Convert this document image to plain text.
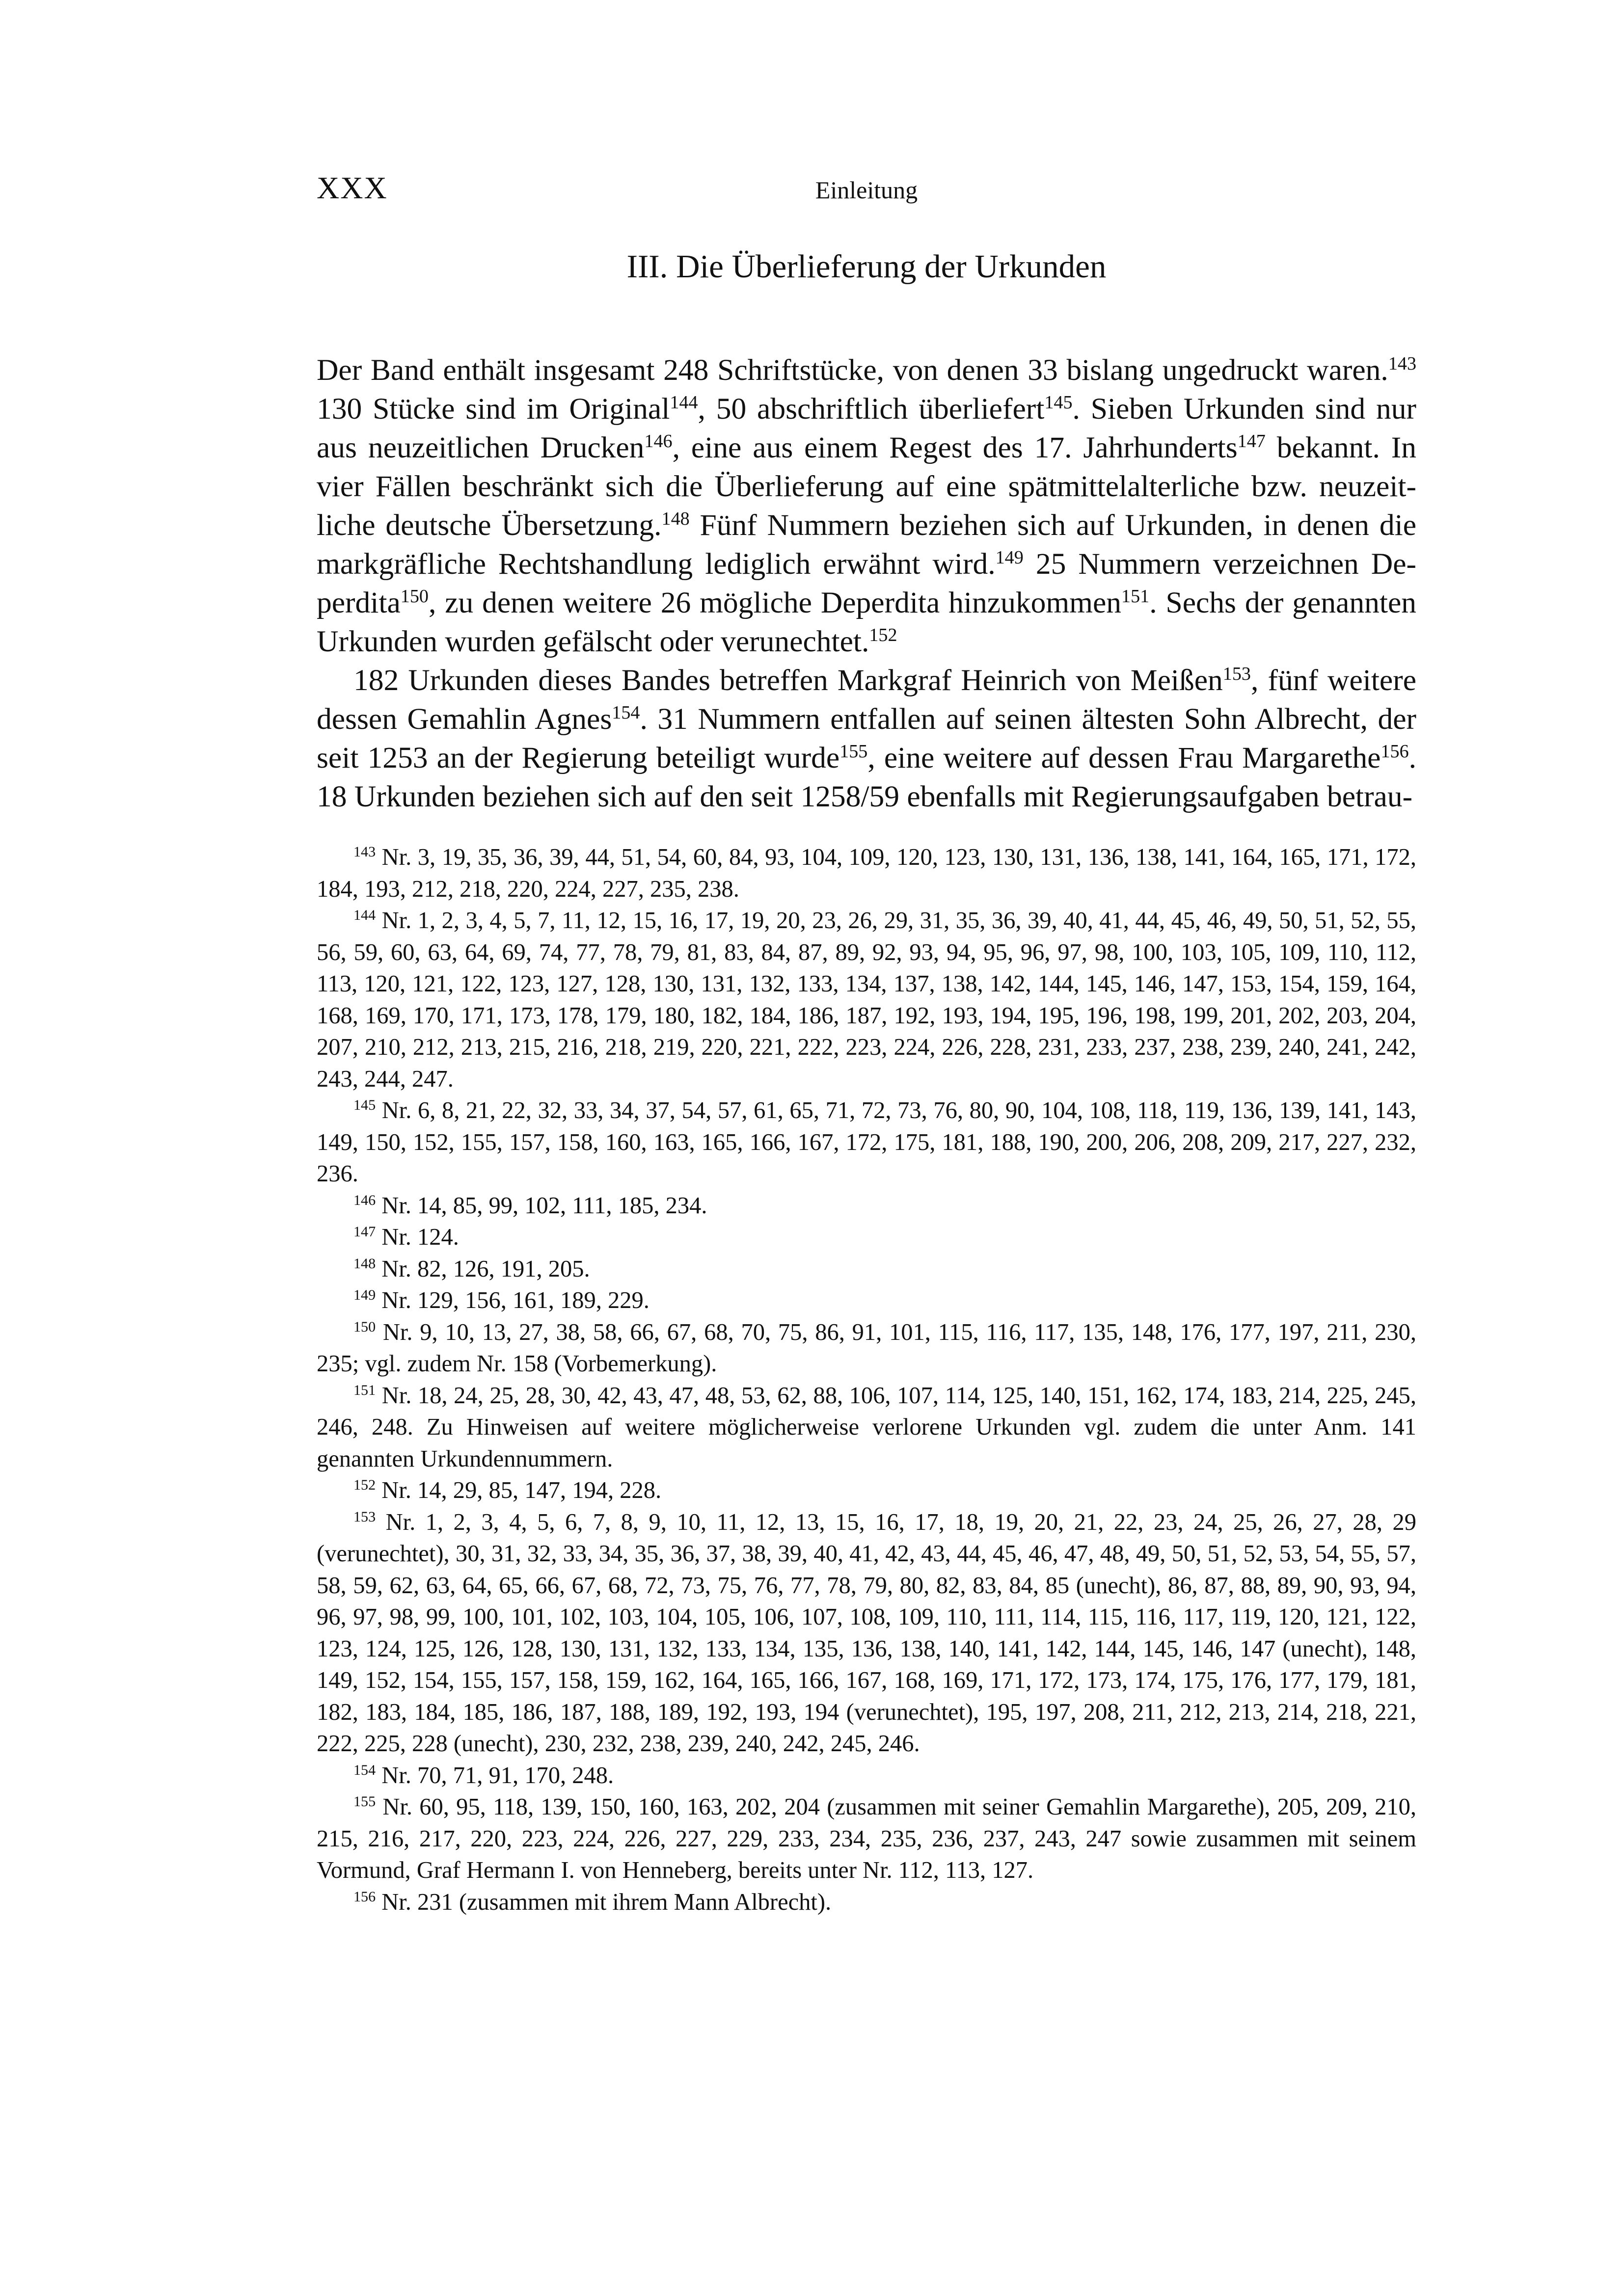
XXX	Einleitung
III. Die Überlieferung der Urkunden

Der Band enthält insgesamt 248 Schriftstücke, von denen 33 bislang ungedruckt waren.$^{143}$ 130 Stücke sind im Original$^{144}$, 50 abschriftlich überliefert$^{145}$. Sieben Urkunden sind nur aus neuzeitlichen Drucken$^{146}$, eine aus einem Regest des 17. Jahrhunderts$^{147}$ bekannt. In vier Fällen beschränkt sich die Überlieferung auf eine spätmittelalterliche bzw. neuzeitliche deutsche Übersetzung.$^{148}$ Fünf Nummern beziehen sich auf Urkunden, in denen die markgräfliche Rechtshandlung lediglich erwähnt wird.$^{149}$ 25 Nummern verzeichnen Deperdita$^{150}$, zu denen weitere 26 mögliche Deperdita hinzukommen$^{151}$. Sechs der genannten Urkunden wurden gefälscht oder verunechtet.$^{152}$

182 Urkunden dieses Bandes betreffen Markgraf Heinrich von Meißen$^{153}$, fünf weitere dessen Gemahlin Agnes$^{154}$. 31 Nummern entfallen auf seinen ältesten Sohn Albrecht, der seit 1253 an der Regierung beteiligt wurde$^{155}$, eine weitere auf dessen Frau Margarethe$^{156}$. 18 Urkunden beziehen sich auf den seit 1258/59 ebenfalls mit Regierungsaufgaben betrau-

$^{143}$ Nr. 3, 19, 35, 36, 39, 44, 51, 54, 60, 84, 93, 104, 109, 120, 123, 130, 131, 136, 138, 141, 164, 165, 171, 172, 184, 193, 212, 218, 220, 224, 227, 235, 238.

$^{144}$ Nr. 1, 2, 3, 4, 5, 7, 11, 12, 15, 16, 17, 19, 20, 23, 26, 29, 31, 35, 36, 39, 40, 41, 44, 45, 46, 49, 50, 51, 52, 55, 56, 59, 60, 63, 64, 69, 74, 77, 78, 79, 81, 83, 84, 87, 89, 92, 93, 94, 95, 96, 97, 98, 100, 103, 105, 109, 110, 112, 113, 120, 121, 122, 123, 127, 128, 130, 131, 132, 133, 134, 137, 138, 142, 144, 145, 146, 147, 153, 154, 159, 164, 168, 169, 170, 171, 173, 178, 179, 180, 182, 184, 186, 187, 192, 193, 194, 195, 196, 198, 199, 201, 202, 203, 204, 207, 210, 212, 213, 215, 216, 218, 219, 220, 221, 222, 223, 224, 226, 228, 231, 233, 237, 238, 239, 240, 241, 242, 243, 244, 247.

$^{145}$ Nr. 6, 8, 21, 22, 32, 33, 34, 37, 54, 57, 61, 65, 71, 72, 73, 76, 80, 90, 104, 108, 118, 119, 136, 139, 141, 143, 149, 150, 152, 155, 157, 158, 160, 163, 165, 166, 167, 172, 175, 181, 188, 190, 200, 206, 208, 209, 217, 227, 232, 236.

$^{146}$ Nr. 14, 85, 99, 102, 111, 185, 234.

$^{147}$ Nr. 124.

$^{148}$ Nr. 82, 126, 191, 205.

$^{149}$ Nr. 129, 156, 161, 189, 229.

$^{150}$ Nr. 9, 10, 13, 27, 38, 58, 66, 67, 68, 70, 75, 86, 91, 101, 115, 116, 117, 135, 148, 176, 177, 197, 211, 230, 235; vgl. zudem Nr. 158 (Vorbemerkung).

$^{151}$ Nr. 18, 24, 25, 28, 30, 42, 43, 47, 48, 53, 62, 88, 106, 107, 114, 125, 140, 151, 162, 174, 183, 214, 225, 245, 246, 248. Zu Hinweisen auf weitere möglicherweise verlorene Urkunden vgl. zudem die unter Anm. 141 genannten Urkundennummern.

$^{152}$ Nr. 14, 29, 85, 147, 194, 228.

$^{153}$ Nr. 1, 2, 3, 4, 5, 6, 7, 8, 9, 10, 11, 12, 13, 15, 16, 17, 18, 19, 20, 21, 22, 23, 24, 25, 26, 27, 28, 29 (verunechtet), 30, 31, 32, 33, 34, 35, 36, 37, 38, 39, 40, 41, 42, 43, 44, 45, 46, 47, 48, 49, 50, 51, 52, 53, 54, 55, 57, 58, 59, 62, 63, 64, 65, 66, 67, 68, 72, 73, 75, 76, 77, 78, 79, 80, 82, 83, 84, 85 (unecht), 86, 87, 88, 89, 90, 93, 94, 96, 97, 98, 99, 100, 101, 102, 103, 104, 105, 106, 107, 108, 109, 110, 111, 114, 115, 116, 117, 119, 120, 121, 122, 123, 124, 125, 126, 128, 130, 131, 132, 133, 134, 135, 136, 138, 140, 141, 142, 144, 145, 146, 147 (unecht), 148, 149, 152, 154, 155, 157, 158, 159, 162, 164, 165, 166, 167, 168, 169, 171, 172, 173, 174, 175, 176, 177, 179, 181, 182, 183, 184, 185, 186, 187, 188, 189, 192, 193, 194 (verunechtet), 195, 197, 208, 211, 212, 213, 214, 218, 221, 222, 225, 228 (unecht), 230, 232, 238, 239, 240, 242, 245, 246.

$^{154}$ Nr. 70, 71, 91, 170, 248.

$^{155}$ Nr. 60, 95, 118, 139, 150, 160, 163, 202, 204 (zusammen mit seiner Gemahlin Margarethe), 205, 209, 210, 215, 216, 217, 220, 223, 224, 226, 227, 229, 233, 234, 235, 236, 237, 243, 247 sowie zusammen mit seinem Vormund, Graf Hermann I. von Henneberg, bereits unter Nr. 112, 113, 127.

$^{156}$ Nr. 231 (zusammen mit ihrem Mann Albrecht).
